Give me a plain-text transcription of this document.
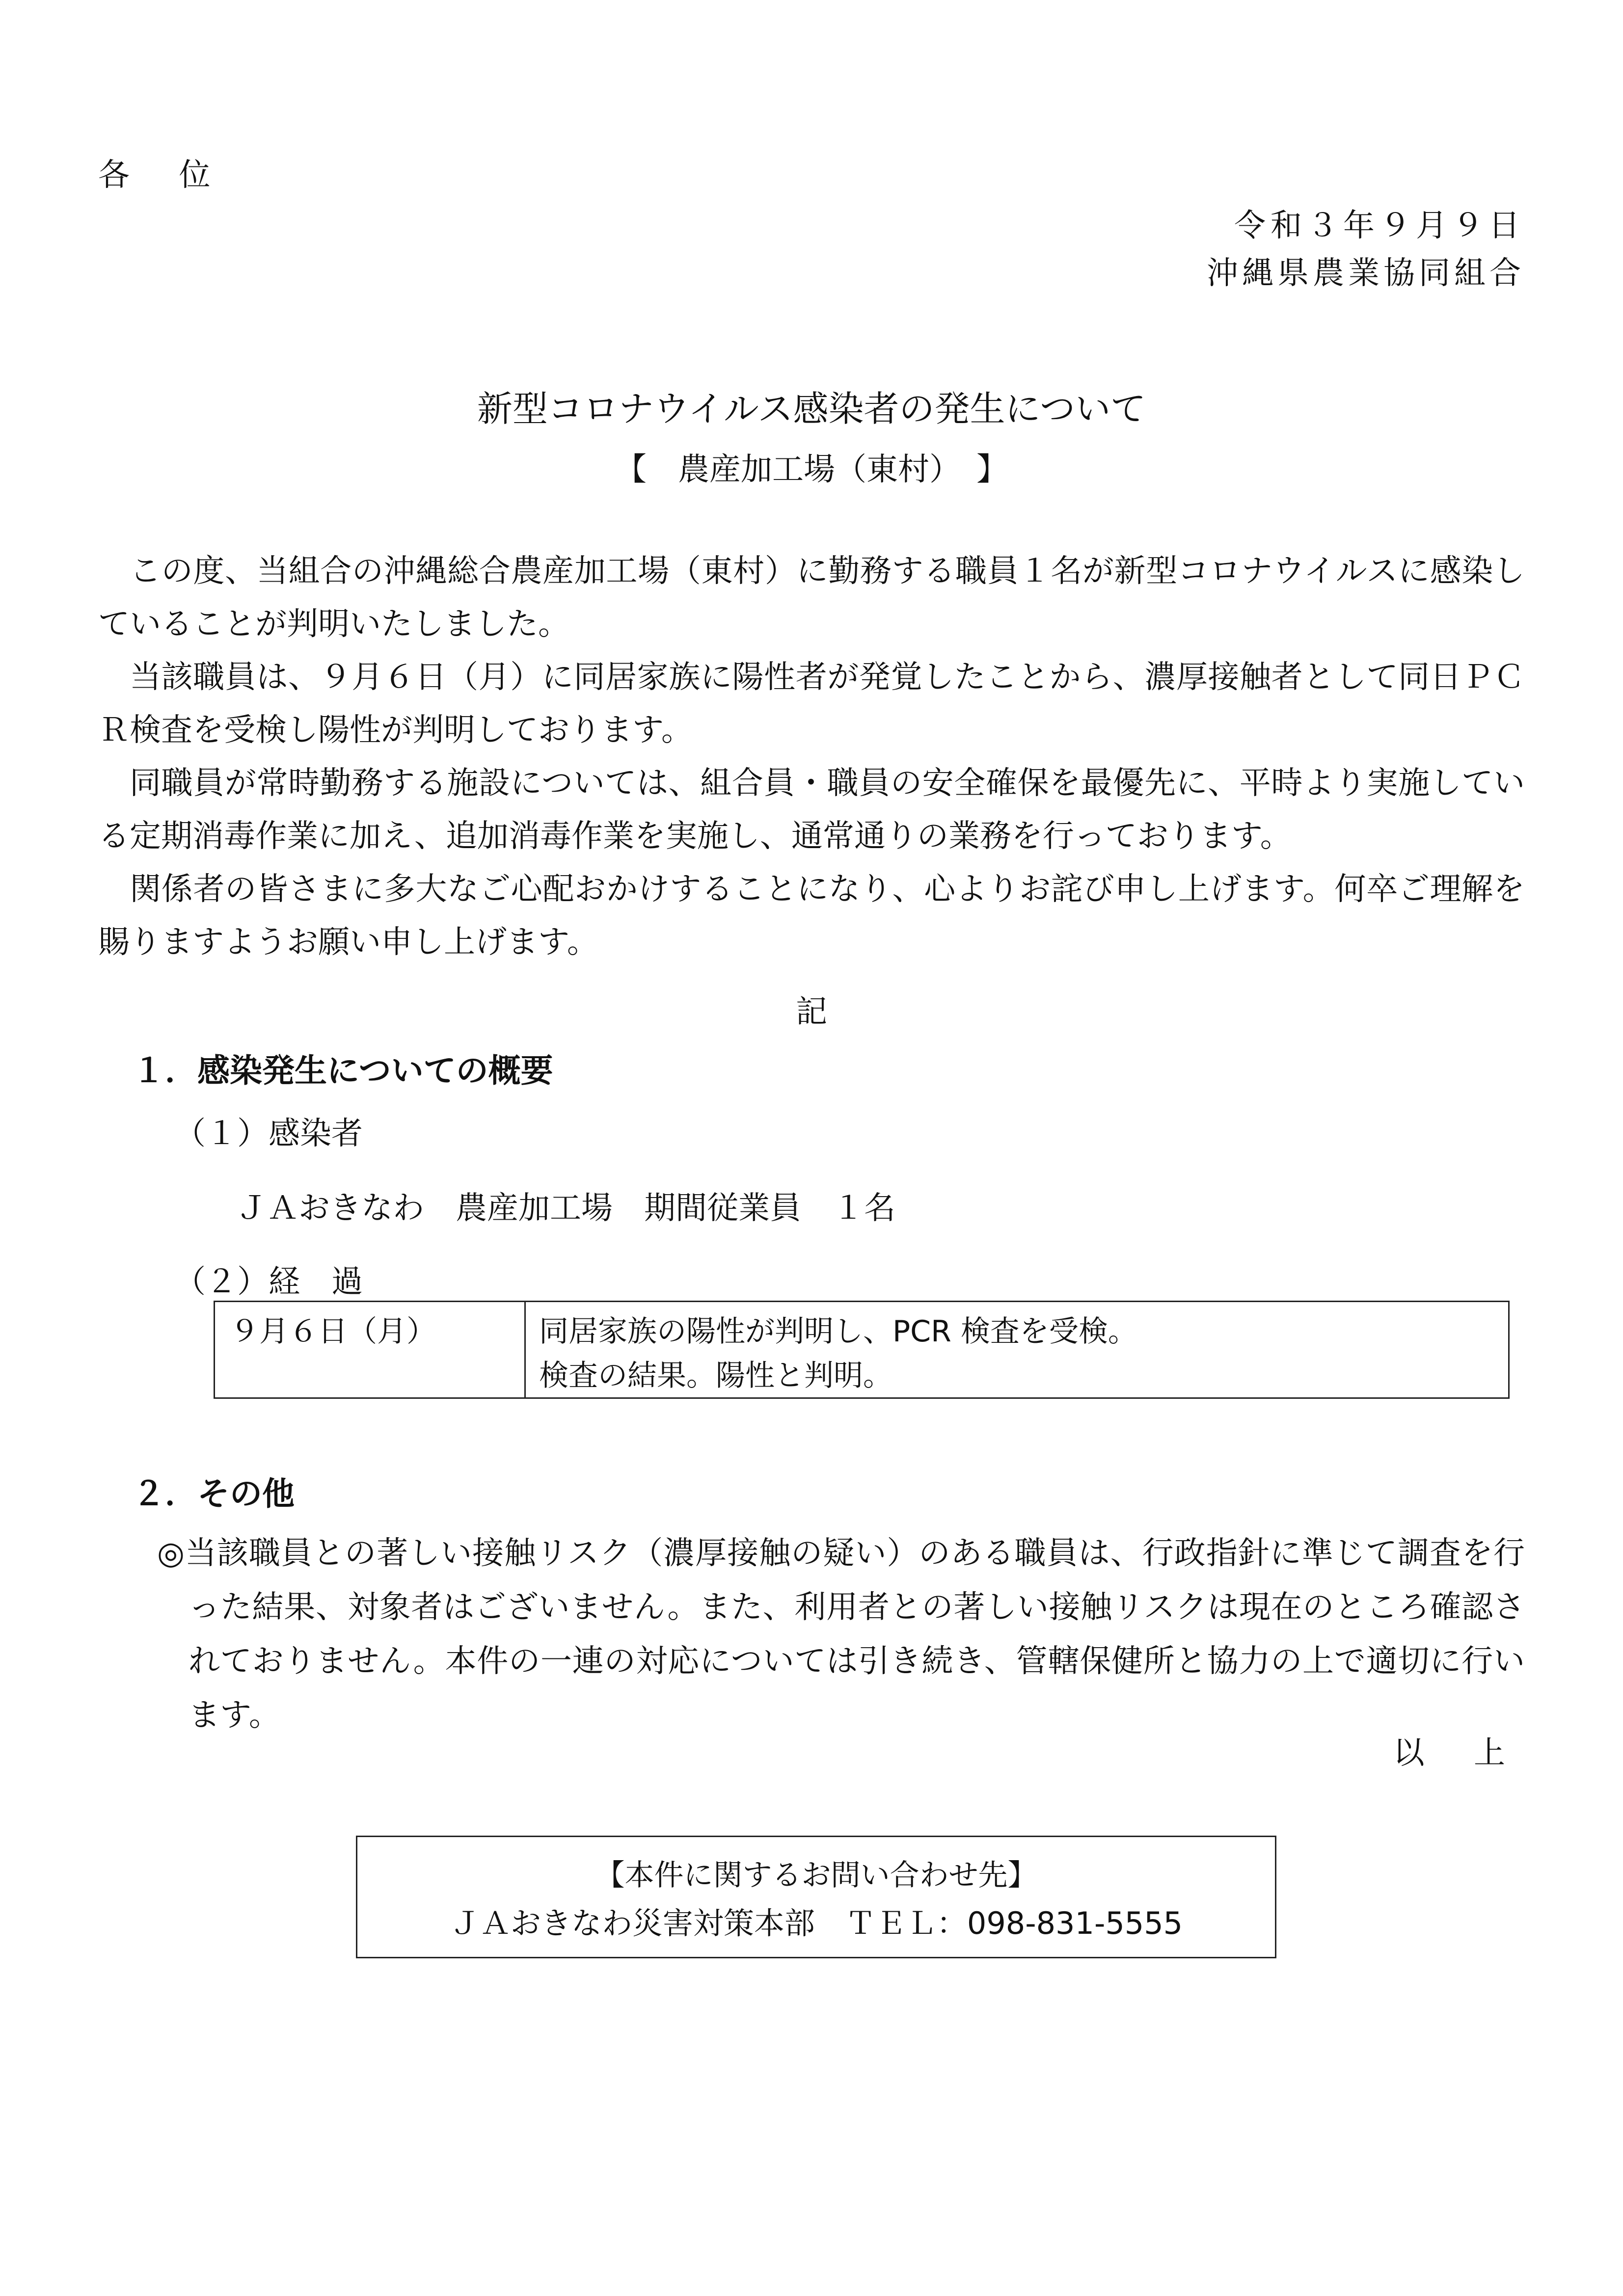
各 位
令和３年９月９日
沖縄県農業協同組合
新型コロナウイルス感染者の発生について
【　農産加工場（東村）　】
この度、当組合の沖縄総合農産加工場（東村）に勤務する職員１名が新型コロナウイルスに感染していることが判明いたしました。
当該職員は、９月６日（月）に同居家族に陽性者が発覚したことから、濃厚接触者として同日ＰＣＲ検査を受検し陽性が判明しております。
同職員が常時勤務する施設については、組合員・職員の安全確保を最優先に、平時より実施している定期消毒作業に加え、追加消毒作業を実施し、通常通りの業務を行っております。
関係者の皆さまに多大なご心配おかけすることになり、心よりお詫び申し上げます。何卒ご理解を賜りますようお願い申し上げます。
記
１．感染発生についての概要
（１）感染者
ＪＡおきなわ　農産加工場　期間従業員　１名
（２）経　過
９月６日（月）	同居家族の陽性が判明し、PCR 検査を受検。
検査の結果。陽性と判明。
２．その他
◎当該職員との著しい接触リスク（濃厚接触の疑い）のある職員は、行政指針に準じて調査を行った結果、対象者はございません。また、利用者との著しい接触リスクは現在のところ確認されておりません。本件の一連の対応については引き続き、管轄保健所と協力の上で適切に行います。
以 上
【本件に関するお問い合わせ先】
ＪＡおきなわ災害対策本部　ＴＥＬ：098-831-5555
